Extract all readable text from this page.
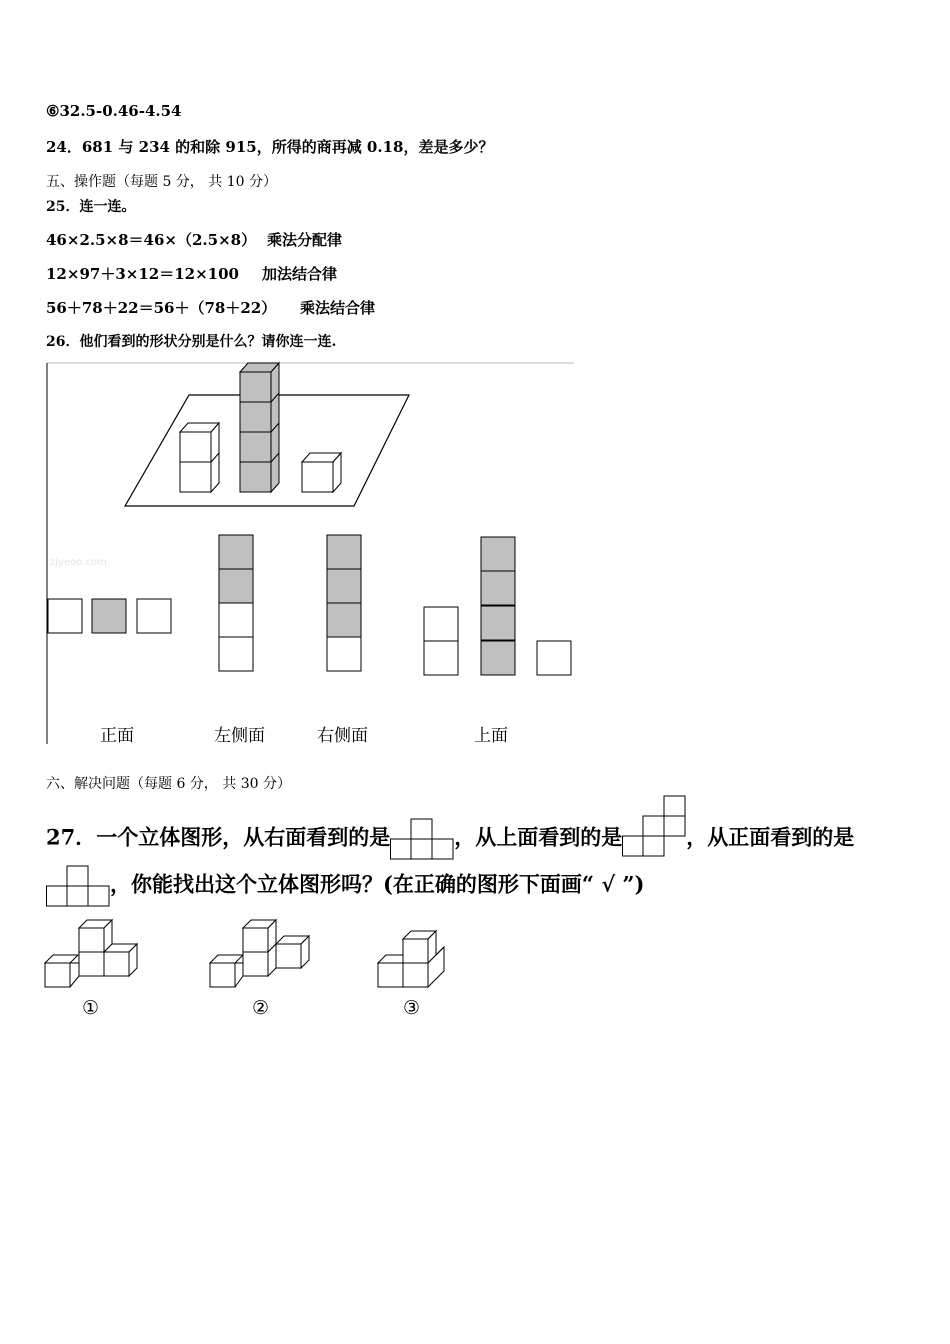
⑥32.5-0.46-4.54
24．681 与 234 的和除 915，所得的商再减 0.18，差是多少？
五、操作题（每题 5 分， 共 10 分）
25．连一连。
46×2.5×8＝46×（2.5×8） 乘法分配律
12×97＋3×12＝12×100 加法结合律
56＋78＋22＝56＋（78＋22） 乘法结合律
26．他们看到的形状分别是什么？请你连一连.
zjyeoo.com
正面	左侧面	右侧面	上面
六、解决问题（每题 6 分， 共 30 分）
27．一个立体图形，从右面看到的是	，从上面看到的是	，从正面看到的是
，你能找出这个立体图形吗？(在正确的图形下面画“ √ ”)
①	②	③
